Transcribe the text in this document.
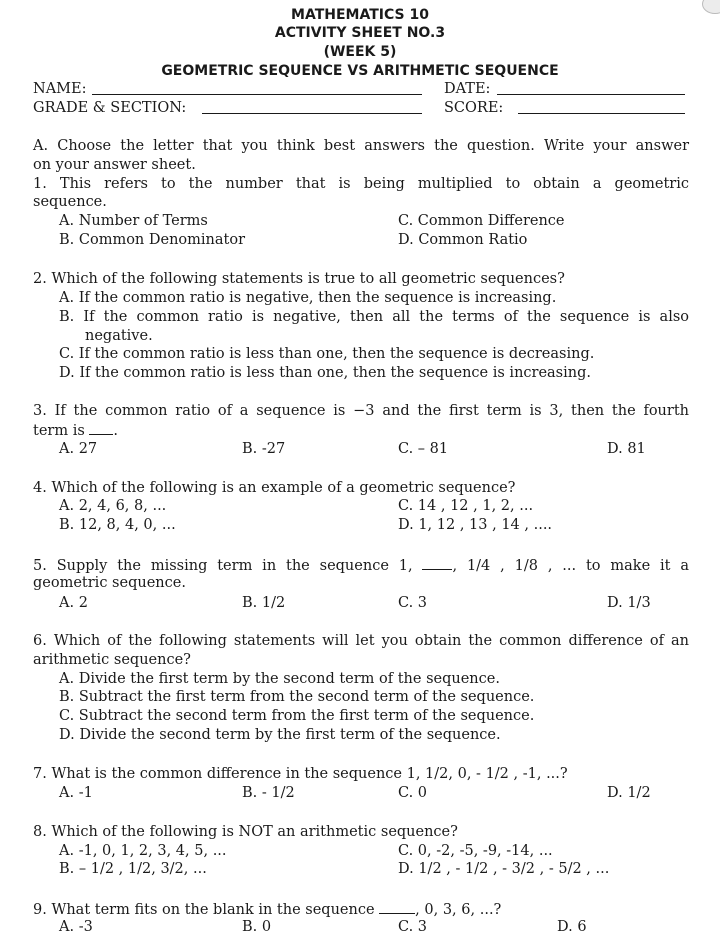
MATHEMATICS 10
ACTIVITY SHEET NO.3
(WEEK 5)
GEOMETRIC SEQUENCE VS ARITHMETIC SEQUENCE
NAME:	DATE:
GRADE & SECTION:	SCORE:
A. Choose the letter that you think best answers the question. Write your answer
on your answer sheet.
1. This refers to the number that is being multiplied to obtain a geometric
sequence.
A. Number of Terms	C. Common Difference
B. Common Denominator	D. Common Ratio
2. Which of the following statements is true to all geometric sequences?
A. If the common ratio is negative, then the sequence is increasing.
B. If the common ratio is negative, then all the terms of the sequence is also
negative.
C. If the common ratio is less than one, then the sequence is decreasing.
D. If the common ratio is less than one, then the sequence is increasing.
3. If the common ratio of a sequence is −3 and the first term is 3, then the fourth
term is .
A. 27	B. -27	C. – 81	D. 81
4. Which of the following is an example of a geometric sequence?
A. 2, 4, 6, 8, ...	C. 14 , 12 , 1, 2, ...
B. 12, 8, 4, 0, ...	D. 1, 12 , 13 , 14 , ....
5. Supply the missing term in the sequence 1,	, 1/4 , 1/8 , ... to make it a
geometric sequence.
A. 2	B. 1/2	C. 3	D. 1/3
6. Which of the following statements will let you obtain the common difference of an
arithmetic sequence?
A. Divide the first term by the second term of the sequence.
B. Subtract the first term from the second term of the sequence.
C. Subtract the second term from the first term of the sequence.
D. Divide the second term by the first term of the sequence.
7. What is the common difference in the sequence 1, 1/2, 0, - 1/2 , -1, ...?
A. -1	B. - 1/2	C. 0	D. 1/2
8. Which of the following is NOT an arithmetic sequence?
A. -1, 0, 1, 2, 3, 4, 5, ...	C. 0, -2, -5, -9, -14, ...
B. – 1/2 , 1/2, 3/2, ...	D. 1/2 , - 1/2 , - 3/2 , - 5/2 , ...
9. What term fits on the blank in the sequence	, 0, 3, 6, ...?
A. -3	B. 0	C. 3	D. 6
